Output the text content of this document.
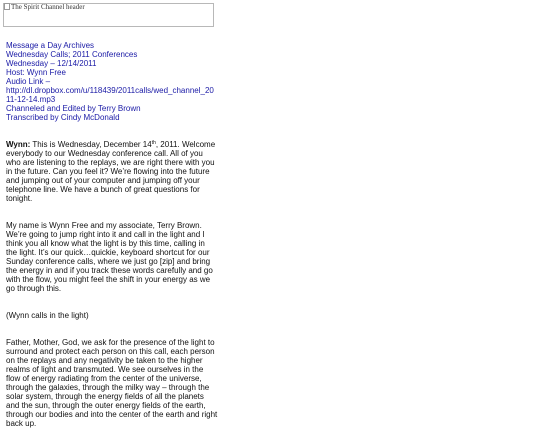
The Spirit Channel header
Message a Day Archives
Wednesday Calls; 2011 Conferences
Wednesday – 12/14/2011
Host: Wynn Free
Audio Link –
http://dl.dropbox.com/u/118439/2011calls/wed_channel_2011-12-14.mp3
Channeled and Edited by Terry Brown
Transcribed by Cindy McDonald

Wynn: This is Wednesday, December 14th, 2011. Welcome everybody to our Wednesday conference call. All of you who are listening to the replays, we are right there with you in the future. Can you feel it? We’re flowing into the future and jumping out of your computer and jumping off your telephone line. We have a bunch of great questions for tonight.

My name is Wynn Free and my associate, Terry Brown. We’re going to jump right into it and call in the light and I think you all know what the light is by this time, calling in the light. It’s our quick…quickie, keyboard shortcut for our Sunday conference calls, where we just go [zip] and bring the energy in and if you track these words carefully and go with the flow, you might feel the shift in your energy as we go through this.

(Wynn calls in the light)

Father, Mother, God, we ask for the presence of the light to surround and protect each person on this call, each person on the replays and any negativity be taken to the higher realms of light and transmuted. We see ourselves in the flow of energy radiating from the center of the universe, through the galaxies, through the milky way – through the solar system, through the energy fields of all the planets and the sun, through the outer energy fields of the earth, through our bodies and into the center of the earth and right back up.
